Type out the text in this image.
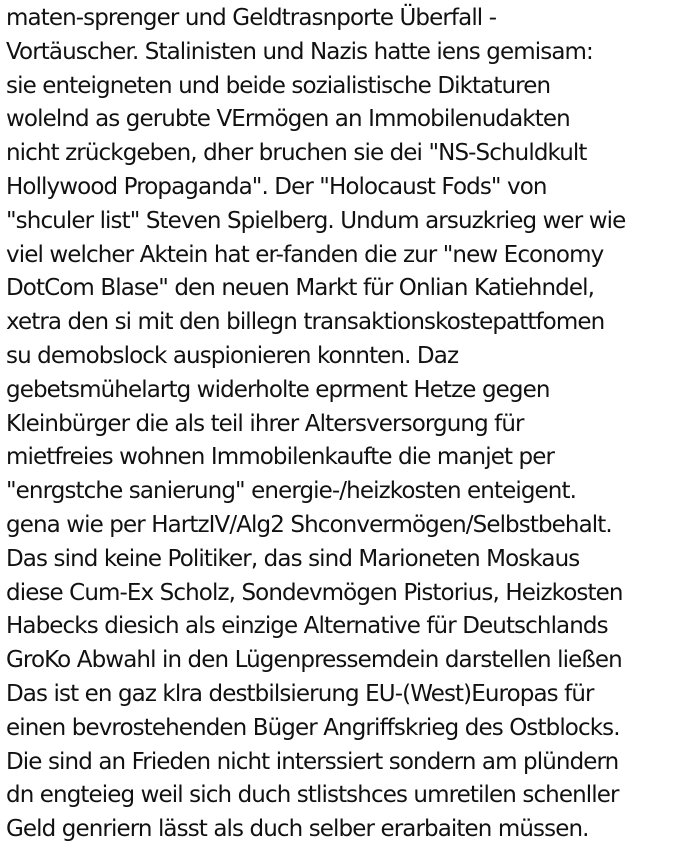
maten-sprenger und Geldtrasnporte Überfall -
Vortäuscher. Stalinisten und Nazis hatte iens gemisam:
sie enteigneten und beide sozialistische Diktaturen
wolelnd as gerubte VErmögen an Immobilenudakten
nicht zrückgeben, dher bruchen sie dei "NS-Schuldkult
Hollywood Propaganda". Der "Holocaust Fods" von
"shculer list" Steven Spielberg. Undum arsuzkrieg wer wie
viel welcher Aktein hat er-fanden die zur "new Economy
DotCom Blase" den neuen Markt für Onlian Katiehndel,
xetra den si mit den billegn transaktionskostepattfomen
su demobslock auspionieren konnten. Daz
gebetsmühelartg widerholte eprment Hetze gegen
Kleinbürger die als teil ihrer Altersversorgung für
mietfreies wohnen Immobilenkaufte die manjet per
"enrgstche sanierung" energie-/heizkosten enteigent.
gena wie per HartzIV/Alg2 Shconvermögen/Selbstbehalt.
Das sind keine Politiker, das sind Marioneten Moskaus
diese Cum-Ex Scholz, Sondevmögen Pistorius, Heizkosten
Habecks diesich als einzige Alternative für Deutschlands
GroKo Abwahl in den Lügenpressemdein darstellen ließen
Das ist en gaz klra destbilsierung EU-(West)Europas für
einen bevrostehenden Büger Angriffskrieg des Ostblocks.
Die sind an Frieden nicht interssiert sondern am plündern
dn engteieg weil sich duch stlistshces umretilen schenller
Geld genriern lässt als duch selber erarbaiten müssen.
